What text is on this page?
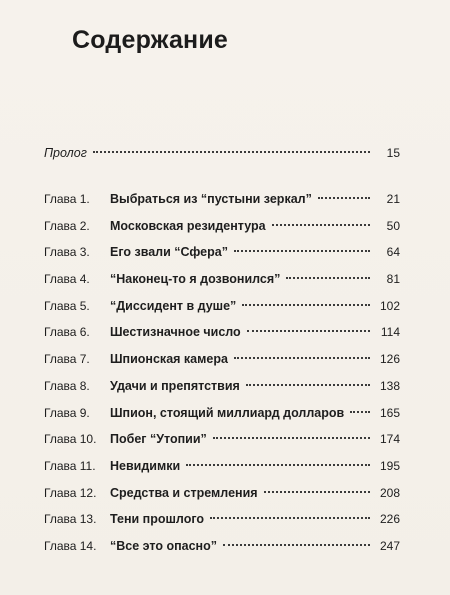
Содержание
Пролог	15
Глава 1.	Выбраться из “пустыни зеркал”	21
Глава 2.	Московская резидентура	50
Глава 3.	Его звали “Сфера”	64
Глава 4.	“Наконец-то я дозвонился”	81
Глава 5.	“Диссидент в душе”	102
Глава 6.	Шестизначное число	114
Глава 7.	Шпионская камера	126
Глава 8.	Удачи и препятствия	138
Глава 9.	Шпион, стоящий миллиард долларов	165
Глава 10.	Побег “Утопии”	174
Глава 11.	Невидимки	195
Глава 12.	Средства и стремления	208
Глава 13.	Тени прошлого	226
Глава 14.	“Все это опасно”	247
